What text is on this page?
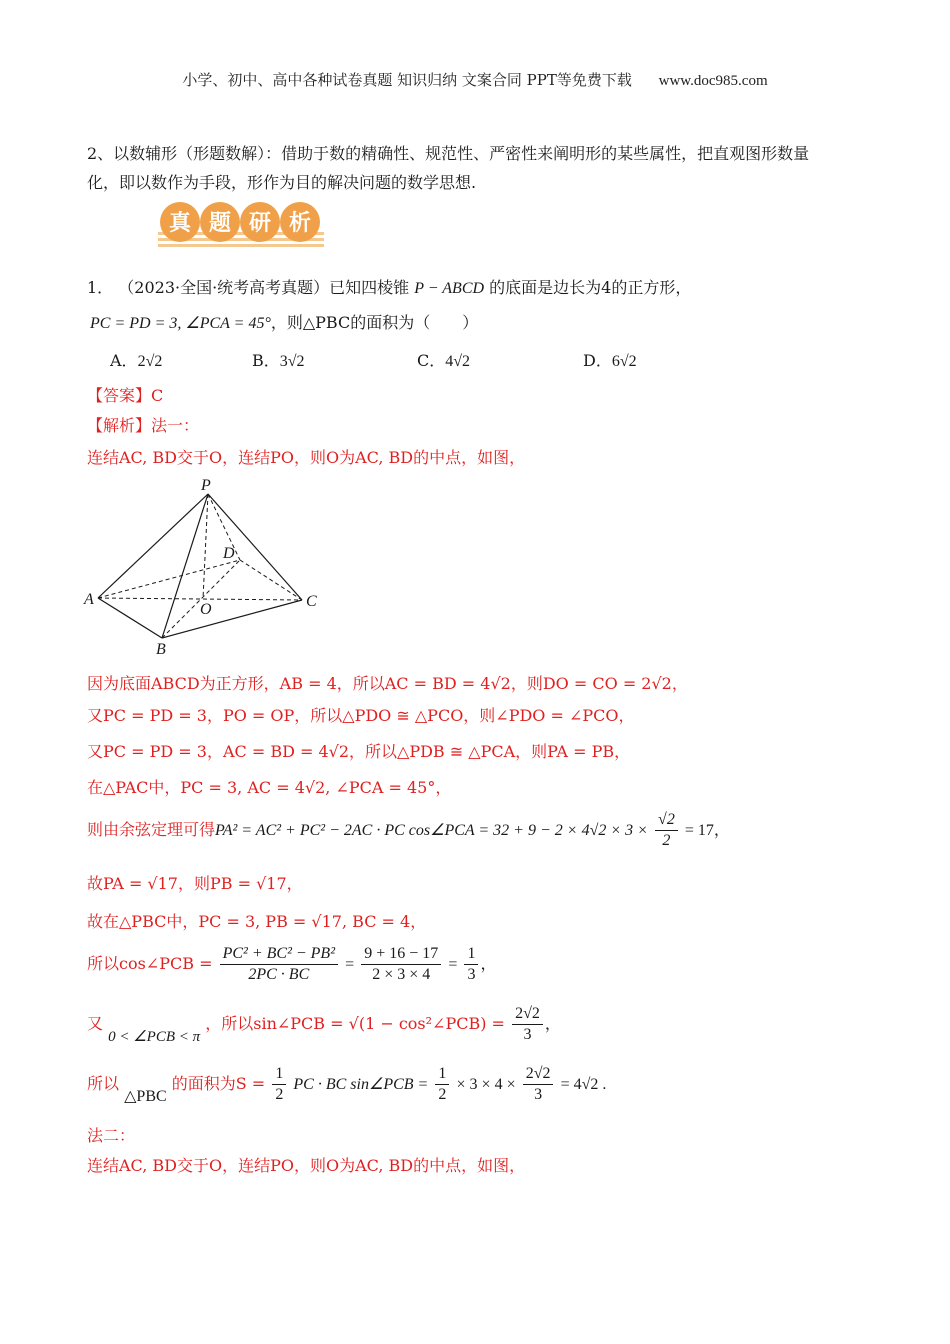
小学、初中、高中各种试卷真题 知识归纳 文案合同 PPT等免费下载 www.doc985.com
2、以数辅形（形题数解）：借助于数的精确性、规范性、严密性来阐明形的某些属性，把直观图形数量
化，即以数作为手段，形作为目的解决问题的数学思想.
真 题 研 析
1． （2023·全国·统考高考真题）已知四棱锥 P − ABCD 的底面是边长为4的正方形，
PC = PD = 3, ∠PCA = 45°，则△PBC的面积为（　　）
A．2√2	B．3√2	C．4√2	D．6√2
【答案】C
【解析】法一：
连结AC, BD交于O，连结PO，则O为AC, BD的中点，如图，
P
D
A
O	C
B
因为底面ABCD为正方形，AB = 4，所以AC = BD = 4√2，则DO = CO = 2√2，
又PC = PD = 3，PO = OP，所以△PDO ≅ △PCO，则∠PDO = ∠PCO，
又PC = PD = 3，AC = BD = 4√2，所以△PDB ≅ △PCA，则PA = PB，
在△PAC中，PC = 3, AC = 4√2, ∠PCA = 45°，
则由余弦定理可得PA² = AC² + PC² − 2AC · PC cos∠PCA = $32 + 9 - 2 \times 4√2 \times 3 \times \frac{√2}{2} = 17$，
故PA = √17，则PB = √17，
故在△PBC中，PC = 3, PB = √17, BC = 4，
所以cos∠PCB = $\frac{\text{PC² + BC² − PB²}}{2PC \cdot BC} = \frac{9 + 16 - 17}{2 \times 3 \times 4} = \frac{1}{3}$ ，
又 0 < ∠PCB < π ，所以sin∠PCB = √(1 − cos²∠PCB) = $\frac{2√2}{3}$ ，
所以 △PBC 的面积为$S = \frac{1}{2}$ PC · BC sin∠PCB = $\frac{1}{2} \times 3 \times 4 \times \frac{2√2}{3} = 4√2$ .
法二：
连结AC, BD交于O，连结PO，则O为AC, BD的中点，如图，
